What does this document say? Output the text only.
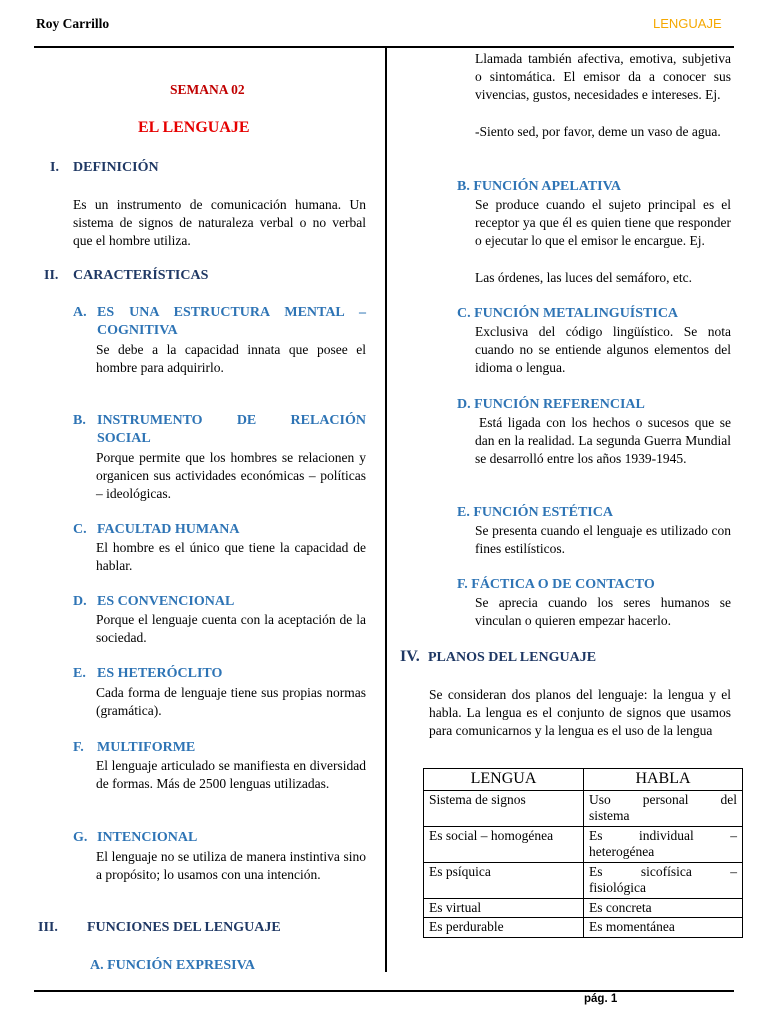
Roy Carrillo	LENGUAJE
pág. 1
SEMANA 02
EL LENGUAJE
I. DEFINICIÓN
Es un instrumento de comunicación humana. Un sistema de signos de naturaleza verbal o no verbal que el hombre utiliza.
II. CARACTERÍSTICAS
A. ES UNA ESTRUCTURA MENTAL –
COGNITIVA
Se debe a la capacidad innata que posee el hombre para adquirirlo.
B. INSTRUMENTO DE RELACIÓN
SOCIAL
Porque permite que los hombres se relacionen y organicen sus actividades económicas – políticas – ideológicas.
C. FACULTAD HUMANA
El hombre es el único que tiene la capacidad de hablar.
D. ES CONVENCIONAL
Porque el lenguaje cuenta con la aceptación de la sociedad.
E. ES HETERÓCLITO
Cada forma de lenguaje tiene sus propias normas (gramática).
F. MULTIFORME
El lenguaje articulado se manifiesta en diversidad de formas. Más de 2500 lenguas utilizadas.
G. INTENCIONAL
El lenguaje no se utiliza de manera instintiva sino a propósito; lo usamos con una intención.
III. FUNCIONES DEL LENGUAJE
A. FUNCIÓN EXPRESIVA
Llamada también afectiva, emotiva, subjetiva o sintomática. El emisor da a conocer sus vivencias, gustos, necesidades e intereses. Ej.
-Siento sed, por favor, deme un vaso de agua.
B. FUNCIÓN APELATIVA
Se produce cuando el sujeto principal es el receptor ya que él es quien tiene que responder o ejecutar lo que el emisor le encargue. Ej.
Las órdenes, las luces del semáforo, etc.
C. FUNCIÓN METALINGUÍSTICA
Exclusiva del código lingüístico. Se nota cuando no se entiende algunos elementos del idioma o lengua.
D. FUNCIÓN REFERENCIAL
Está ligada con los hechos o sucesos que se dan en la realidad. La segunda Guerra Mundial se desarrolló entre los años 1939-1945.
E. FUNCIÓN ESTÉTICA
Se presenta cuando el lenguaje es utilizado con fines estilísticos.
F. FÁCTICA O DE CONTACTO
Se aprecia cuando los seres humanos se vinculan o quieren empezar hacerlo.
IV. PLANOS DEL LENGUAJE
Se consideran dos planos del lenguaje: la lengua y el habla. La lengua es el conjunto de signos que usamos para comunicarnos y la lengua es el uso de la lengua
LENGUA	HABLA
Sistema de signos	Uso personal del
sistema

Es social – homogénea	Es individual –
heterogénea

Es psíquica	Es sicofísica –
fisiológica

Es virtual	Es concreta
Es perdurable	Es momentánea
